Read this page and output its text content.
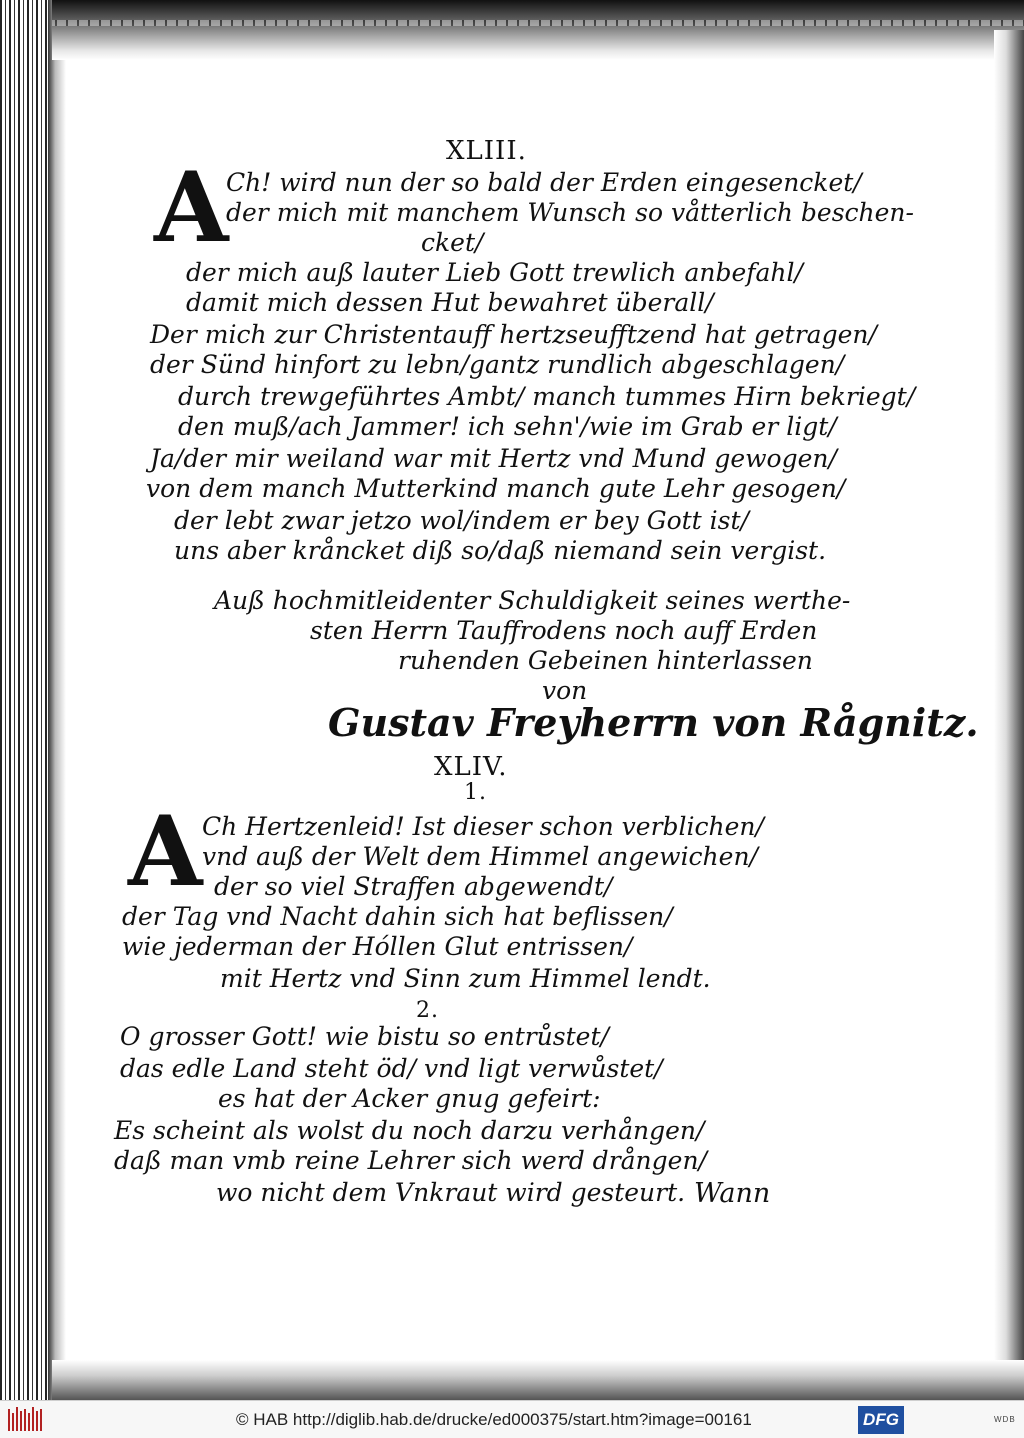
XLIII.
A
Ch! wird nun der so bald der Erden eingesencket/
der mich mit manchem Wunsch so våtterlich beschen-
cket/
der mich auß lauter Lieb Gott trewlich anbefahl/
damit mich dessen Hut bewahret überall/
Der mich zur Christentauff hertzseufftzend hat getragen/
der Sünd hinfort zu lebn/gantz rundlich abgeschlagen/
durch trewgeführtes Ambt/ manch tummes Hirn bekriegt/
den muß/ach Jammer! ich sehn'/wie im Grab er ligt/
Ja/der mir weiland war mit Hertz vnd Mund gewogen/
von dem manch Mutterkind manch gute Lehr gesogen/
der lebt zwar jetzo wol/indem er bey Gott ist/
uns aber kråncket diß so/daß niemand sein vergist.
Auß hochmitleidenter Schuldigkeit seines werthe-
sten Herrn Tauffrodens noch auff Erden
ruhenden Gebeinen hinterlassen
von
Gustav Freyherrn von Rågnitz.
XLIV.
1.
A Ch Hertzenleid! Ist dieser schon verblichen/
vnd auß der Welt dem Himmel angewichen/
der so viel Straffen abgewendt/
der Tag vnd Nacht dahin sich hat beflissen/
wie jederman der Hóllen Glut entrissen/
mit Hertz vnd Sinn zum Himmel lendt.
2.
O grosser Gott! wie bistu so entrůstet/
das edle Land steht öd/ vnd ligt verwůstet/
es hat der Acker gnug gefeirt:
Es scheint als wolst du noch darzu verhången/
daß man vmb reine Lehrer sich werd drången/
wo nicht dem Vnkraut wird gesteurt. Wann
© HAB http://diglib.hab.de/drucke/ed000375/start.htm?image=00161	DFG	WDB
